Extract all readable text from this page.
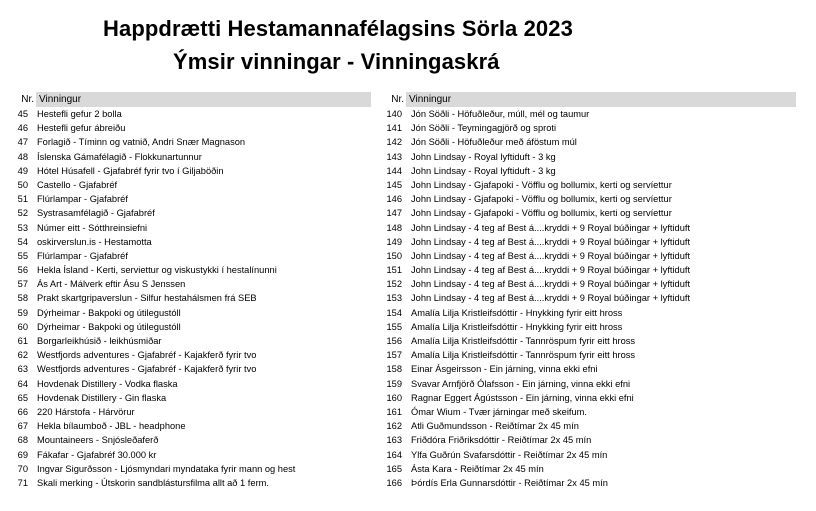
Happdrætti Hestamannafélagsins Sörla 2023
Ýmsir vinningar - Vinningaskrá
Nr. Vinningur
45 Hestefli gefur 2 bolla
46 Hestefli gefur ábreiðu
47 Forlagið - Tíminn og vatnið, Andri Snær Magnason
48 Íslenska Gámafélagið - Flokkunartunnur
49 Hótel Húsafell - Gjafabréf fyrir tvo í Giljaböðin
50 Castello - Gjafabréf
51 Flúrlampar - Gjafabréf
52 Systrasamfélagið - Gjafabréf
53 Númer eitt - Sótthreinsiefni
54 oskirverslun.is - Hestamotta
55 Flúrlampar - Gjafabréf
56 Hekla Ísland - Kerti, serviettur og viskustykki í hestalínunni
57 Ás Art - Málverk eftir Ásu S Jenssen
58 Prakt skartgripaverslun - Silfur hestahálsmen frá SEB
59 Dýrheimar - Bakpoki og útilegustóll
60 Dýrheimar - Bakpoki og útilegustóll
61 Borgarleikhúsið - leikhúsmiðar
62 Westfjords adventures - Gjafabréf - Kajakferð fyrir tvo
63 Westfjords adventures - Gjafabréf - Kajakferð fyrir tvo
64 Hovdenak Distillery - Vodka flaska
65 Hovdenak Distillery - Gin flaska
66 220 Hárstofa - Hárvörur
67 Hekla bílaumboð - JBL - headphone
68 Mountaineers - Snjósleðaferð
69 Fákafar - Gjafabréf 30.000 kr
70 Ingvar Sigurðsson - Ljósmyndari myndataka fyrir mann og hest
71 Skali merking - Útskorin sandblástursfilma allt að 1 ferm.
Nr. Vinningur
140 Jón Söðli - Höfuðleður, múll, mél og taumur
141 Jón Söðli - Teymingagjörð og sproti
142 Jón Söðli - Höfuðleður með áföstum múl
143 John Lindsay - Royal lyftiduft - 3 kg
144 John Lindsay - Royal lyftiduft - 3 kg
145 John Lindsay - Gjafapoki - Vöfflu og bollumix, kerti og servíettur
146 John Lindsay - Gjafapoki - Vöfflu og bollumix, kerti og servíettur
147 John Lindsay - Gjafapoki - Vöfflu og bollumix, kerti og servíettur
148 John Lindsay - 4 teg af Best á....kryddi + 9 Royal búðingar + lyftiduft
149 John Lindsay - 4 teg af Best á....kryddi + 9 Royal búðingar + lyftiduft
150 John Lindsay - 4 teg af Best á....kryddi + 9 Royal búðingar + lyftiduft
151 John Lindsay - 4 teg af Best á....kryddi + 9 Royal búðingar + lyftiduft
152 John Lindsay - 4 teg af Best á....kryddi + 9 Royal búðingar + lyftiduft
153 John Lindsay - 4 teg af Best á....kryddi + 9 Royal búðingar + lyftiduft
154 Amalía Lilja Kristleifsdóttir - Hnykking fyrir eitt hross
155 Amalía Lilja Kristleifsdóttir - Hnykking fyrir eitt hross
156 Amalía Lilja Kristleifsdóttir - Tannröspum fyrir eitt hross
157 Amalía Lilja Kristleifsdóttir - Tannröspum fyrir eitt hross
158 Einar Ásgeirsson - Ein járning, vinna ekki efni
159 Svavar Arnfjörð Ólafsson - Ein járning, vinna ekki efni
160 Ragnar Eggert Ágústsson - Ein járning, vinna ekki efni
161 Ómar Wium - Tvær járningar með skeifum.
162 Atli Guðmundsson - Reiðtímar 2x 45 mín
163 Friðdóra Friðriksdóttir - Reiðtímar 2x 45 mín
164 Ylfa Guðrún Svafarsdóttir - Reiðtímar 2x 45 mín
165 Ásta Kara - Reiðtímar 2x 45 mín
166 Þórdís Erla Gunnarsdóttir - Reiðtímar 2x 45 mín
